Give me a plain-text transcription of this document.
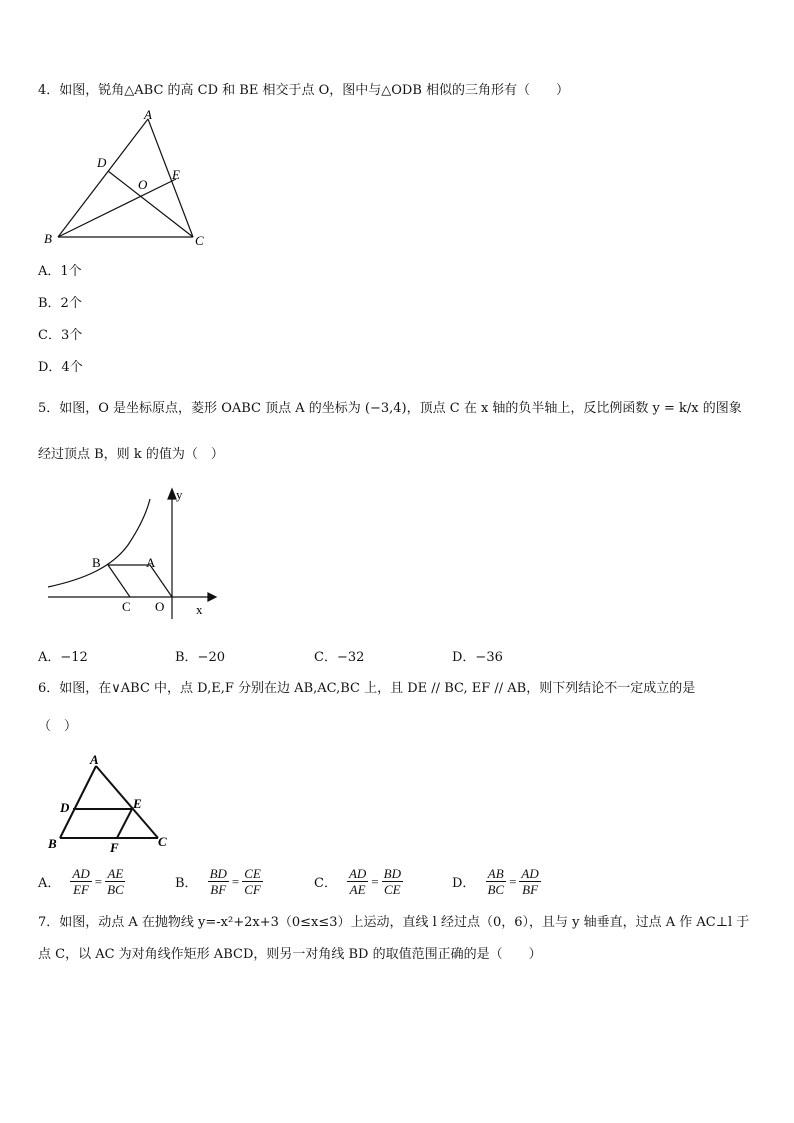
4．如图，锐角△ABC 的高 CD 和 BE 相交于点 O，图中与△ODB 相似的三角形有（　　）
A
B	C
D
E
O
A．1个
B．2个
C．3个
D．4个
5．如图，O 是坐标原点，菱形 OABC 顶点 A 的坐标为 (−3,4)，顶点 C 在 x 轴的负半轴上，反比例函数 y = k/x 的图象
经过顶点 B，则 k 的值为（　）
y
x
B	A
C O
A．−12	B．−20	C．−32	D．−36
6．如图，在∨ABC 中，点 D,E,F 分别在边 AB,AC,BC 上，且 DE // BC, EF // AB，则下列结论不一定成立的是
（　）
A
B	C
D	E
F
A． $\frac{AD}{EF} = \frac{AE}{BC}$	B． $\frac{BD}{BF} = \frac{CE}{CF}$	C． $\frac{AD}{AE} = \frac{BD}{CE}$	D． $\frac{AB}{BC} = \frac{AD}{BF}$
7．如图，动点 A 在抛物线 y=-x²+2x+3（0≤x≤3）上运动，直线 l 经过点（0，6），且与 y 轴垂直，过点 A 作 AC⊥l 于
点 C，以 AC 为对角线作矩形 ABCD，则另一对角线 BD 的取值范围正确的是（　　）
